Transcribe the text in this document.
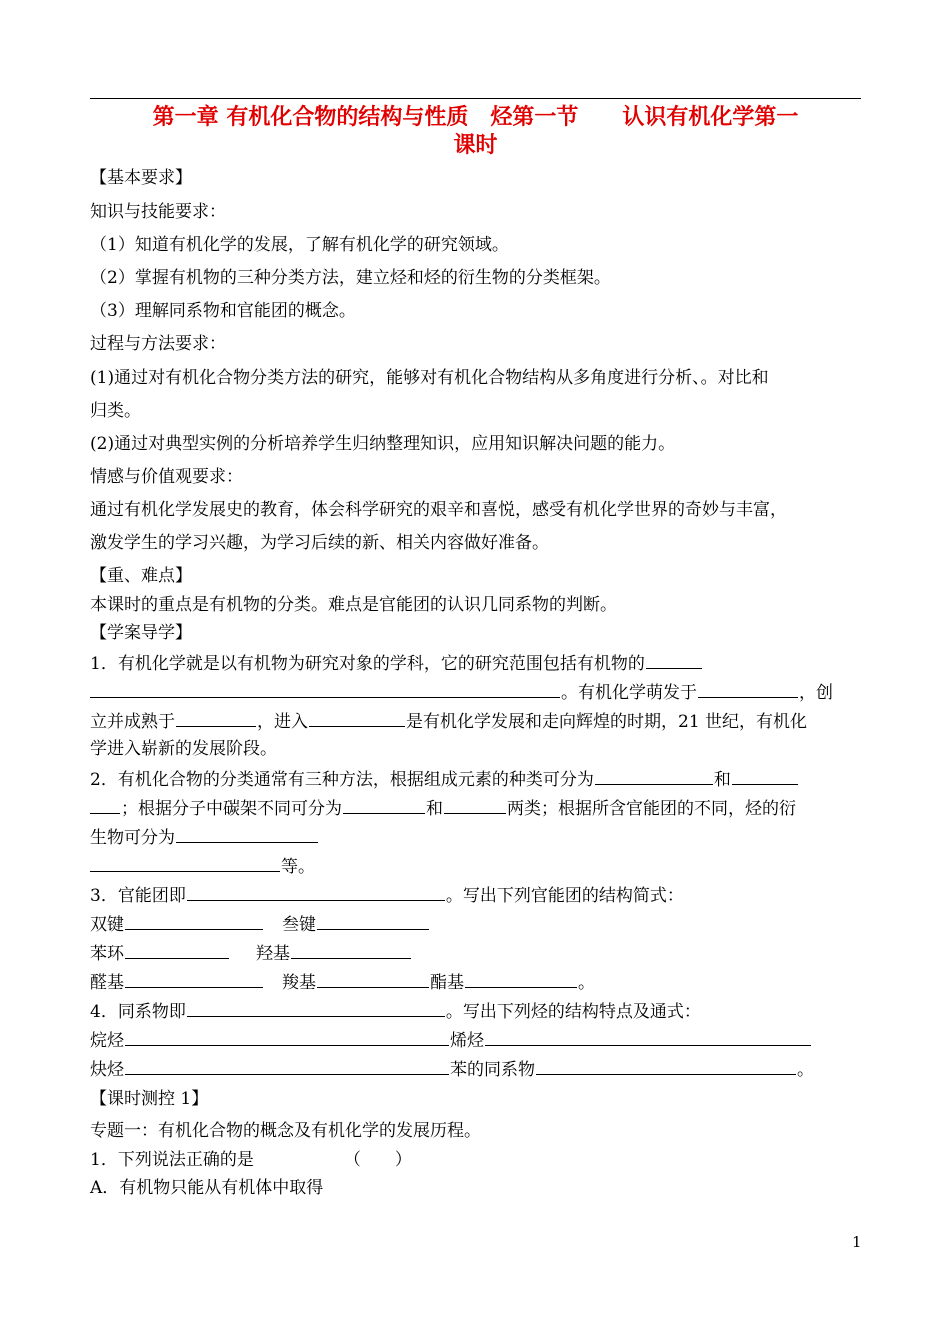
第一章 有机化合物的结构与性质　烃第一节　　认识有机化学第一
课时
【基本要求】
知识与技能要求：
（1）知道有机化学的发展，了解有机化学的研究领域。
（2）掌握有机物的三种分类方法，建立烃和烃的衍生物的分类框架。
（3）理解同系物和官能团的概念。
过程与方法要求：
(1)通过对有机化合物分类方法的研究，能够对有机化合物结构从多角度进行分析、。对比和
归类。
(2)通过对典型实例的分析培养学生归纳整理知识，应用知识解决问题的能力。
情感与价值观要求：
通过有机化学发展史的教育，体会科学研究的艰辛和喜悦，感受有机化学世界的奇妙与丰富，
激发学生的学习兴趣，为学习后续的新、相关内容做好准备。
【重、难点】
本课时的重点是有机物的分类。难点是官能团的认识几同系物的判断。
【学案导学】
1．有机化学就是以有机物为研究对象的学科，它的研究范围包括有机物的
。有机化学萌发于	，创
立并成熟于	，进入	是有机化学发展和走向辉煌的时期，21 世纪，有机化
学进入崭新的发展阶段。
2．有机化合物的分类通常有三种方法，根据组成元素的种类可分为	和
；根据分子中碳架不同可分为	和	两类；根据所含官能团的不同，烃的衍
生物可分为
等。
3．官能团即	。写出下列官能团的结构简式：
双键	叁键
苯环	羟基
醛基	羧基	酯基	。
4．同系物即	。写出下列烃的结构特点及通式：
烷烃	烯烃
炔烃	苯的同系物	。
【课时测控 1】
专题一：有机化合物的概念及有机化学的发展历程。
1．下列说法正确的是	（　　）
A．有机物只能从有机体中取得
1
